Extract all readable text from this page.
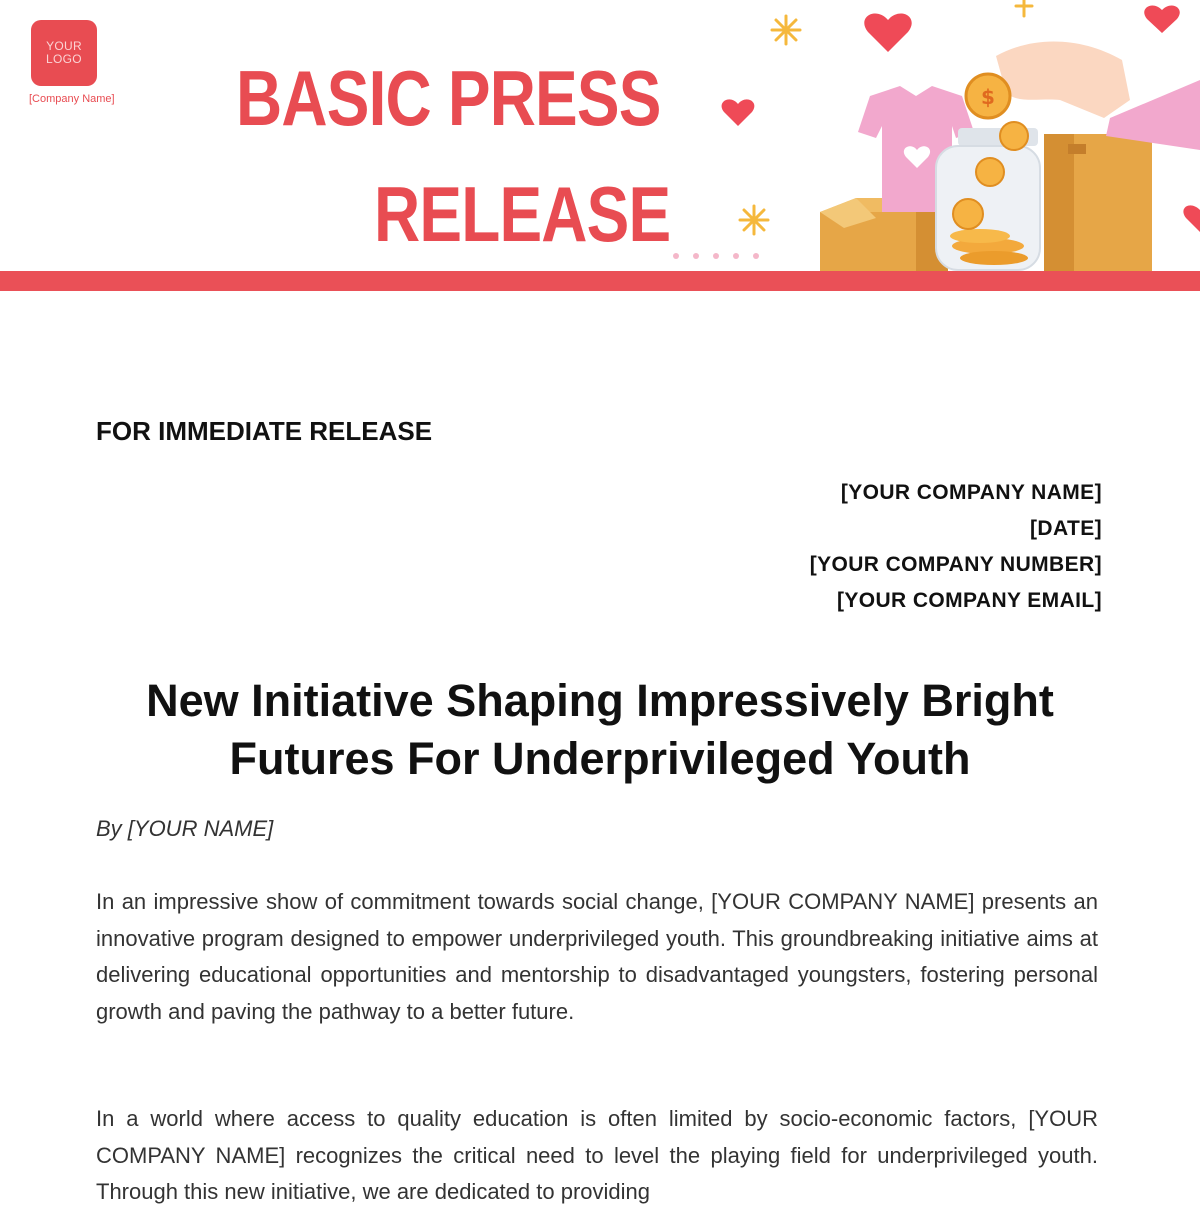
YOUR
LOGO
[Company Name] BASIC PRESS
RELEASE
$
FOR IMMEDIATE RELEASE
[YOUR COMPANY NAME]
[DATE]
[YOUR COMPANY NUMBER]
[YOUR COMPANY EMAIL]
New Initiative Shaping Impressively Bright
Futures For Underprivileged Youth
By [YOUR NAME]

In an impressive show of commitment towards social change, [YOUR COMPANY NAME] presents an innovative program designed to empower underprivileged youth. This groundbreaking initiative aims at delivering educational opportunities and mentorship to disadvantaged youngsters, fostering personal growth and paving the pathway to a better future.

In a world where access to quality education is often limited by socio-economic factors, [YOUR COMPANY NAME] recognizes the critical need to level the playing field for underprivileged youth. Through this new initiative, we are dedicated to providing
